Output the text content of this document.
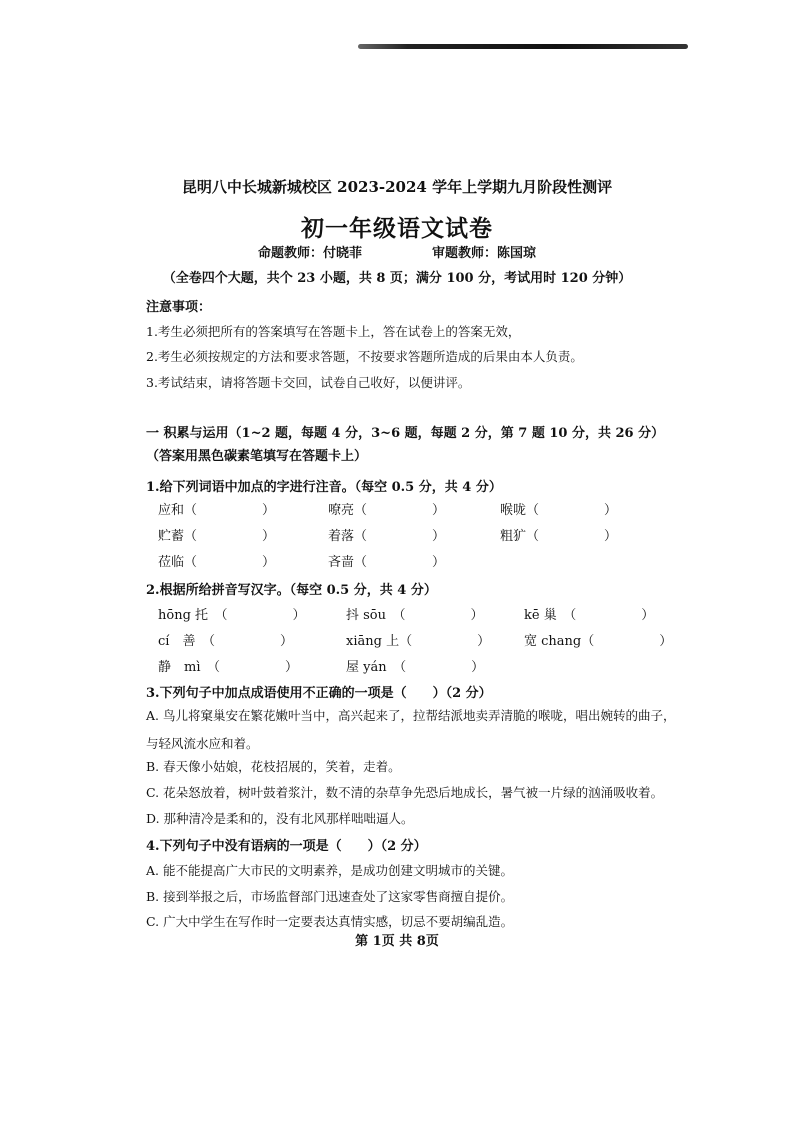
昆明八中长城新城校区 2023-2024 学年上学期九月阶段性测评
初一年级语文试卷
命题教师：付晓菲	审题教师：陈国琼
（全卷四个大题，共个 23 小题，共 8 页；满分 100 分，考试用时 120 分钟）
注意事项：
1.考生必须把所有的答案填写在答题卡上，答在试卷上的答案无效，
2.考生必须按规定的方法和要求答题，不按要求答题所造成的后果由本人负责。
3.考试结束，请将答题卡交回，试卷自己收好，以便讲评。
一 积累与运用（1~2 题，每题 4 分，3~6 题，每题 2 分，第 7 题 10 分，共 26 分）（答案用黑色碳素笔填写在答题卡上）
1.给下列词语中加点的字进行注音。（每空 0.5 分，共 4 分）
应和（　　　　　）	嘹亮（　　　　　）	喉咙（　　　　　）
贮蓄（　　　　　）	着落（　　　　　）	粗犷（　　　　　）
莅临（　　　　　）	吝啬（　　　　　）
2.根据所给拼音写汉字。（每空 0.5 分，共 4 分）
hōng 托　（　　　　　）	抖 sōu　（　　　　　）	kē 巢　（　　　　　）
cí　善　（　　　　　）	xiāng 上（　　　　　）	宽 chang（　　　　　）
静　mì　（　　　　　）	屋 yán　（　　　　　）
3.下列句子中加点成语使用不正确的一项是（　　）（2 分）
A. 鸟儿将窠巢安在繁花嫩叶当中，高兴起来了，拉帮结派地卖弄清脆的喉咙，唱出婉转的曲子，
与轻风流水应和着。
B. 春天像小姑娘，花枝招展的，笑着，走着。
C. 花朵怒放着，树叶鼓着浆汁，数不清的杂草争先恐后地成长，暑气被一片绿的汹涌吸收着。
D. 那种清冷是柔和的，没有北风那样咄咄逼人。
4.下列句子中没有语病的一项是（　　）（2 分）
A. 能不能提高广大市民的文明素养，是成功创建文明城市的关键。
B. 接到举报之后，市场监督部门迅速查处了这家零售商擅自提价。
C. 广大中学生在写作时一定要表达真情实感，切忌不要胡编乱造。
第 1页 共 8页
